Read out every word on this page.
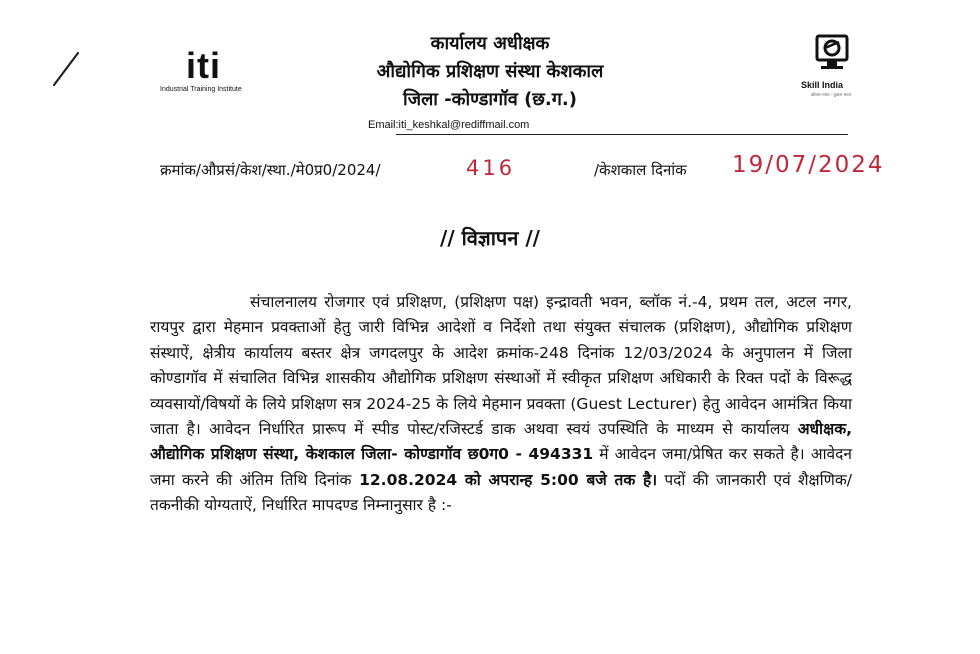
iti
Industrial Training Institute
कार्यालय अधीक्षक
औद्योगिक प्रशिक्षण संस्था केशकाल
जिला -कोण्डागॉव (छ.ग.)
Email:iti_keshkal@rediffmail.com
Skill India
कौशल भारत - कुशल भारत
क्रमांक/औप्रसं/केश/स्था./मे0प्र0/2024/	416	/केशकाल दिनांक 19/07/2024
// विज्ञापन //

संचालनालय रोजगार एवं प्रशिक्षण, (प्रशिक्षण पक्ष) इन्द्रावती भवन, ब्लॉक नं.-4, प्रथम तल, अटल नगर, रायपुर द्वारा मेहमान प्रवक्ताओं हेतु जारी विभिन्न आदेशों व निर्देशो तथा संयुक्त संचालक (प्रशिक्षण), औद्योगिक प्रशिक्षण संस्थाऐं, क्षेत्रीय कार्यालय बस्तर क्षेत्र जगदलपुर के आदेश क्रमांक-248 दिनांक 12/03/2024 के अनुपालन में जिला कोण्डागॉव में संचालित विभिन्न शासकीय औद्योगिक प्रशिक्षण संस्थाओं में स्वीकृत प्रशिक्षण अधिकारी के रिक्त पदों के विरूद्ध व्यवसायों/विषयों के लिये प्रशिक्षण सत्र 2024-25 के लिये मेहमान प्रवक्ता (Guest Lecturer) हेतु आवेदन आमंत्रित किया जाता है। आवेदन निर्धारित प्रारूप में स्पीड पोस्ट/रजिस्टर्ड डाक अथवा स्वयं उपस्थिति के माध्यम से कार्यालय अधीक्षक, औद्योगिक प्रशिक्षण संस्था, केशकाल जिला- कोण्डागॉव छ0ग0 - 494331 में आवेदन जमा/प्रेषित कर सकते है। आवेदन जमा करने की अंतिम तिथि दिनांक 12.08.2024 को अपरान्ह 5:00 बजे तक है। पदों की जानकारी एवं शैक्षणिक/तकनीकी योग्यताऐं, निर्धारित मापदण्ड निम्नानुसार है :-
